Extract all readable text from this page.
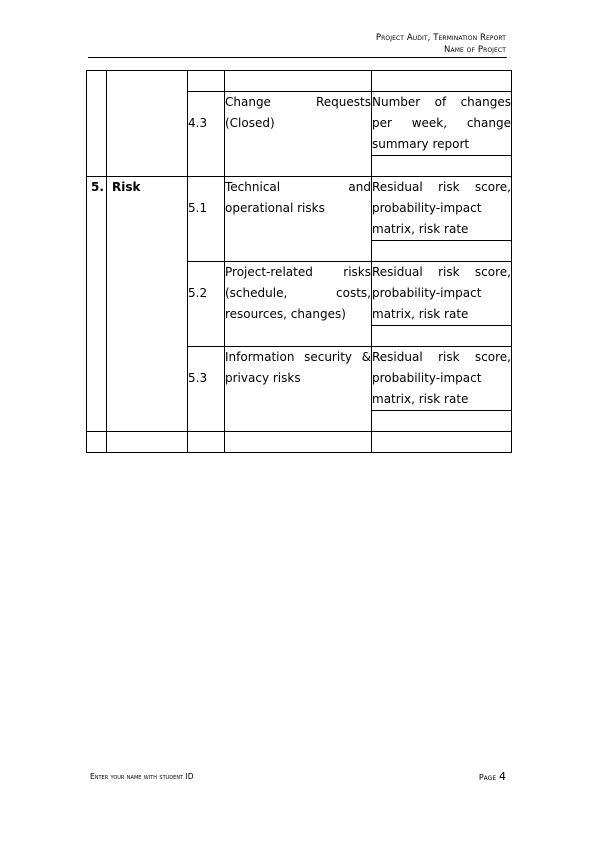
Project Audit, Termination Report
Name of Project

		4.3	Change Requests (Closed)	Number of changes per week, change summary report

5.	Risk	5.1	Technical and operational risks	Residual risk score, probability-impact matrix, risk rate

		5.2	Project-related risks (schedule, costs, resources, changes)	Residual risk score, probability-impact matrix, risk rate

		5.3	Information security & privacy risks	Residual risk score, probability-impact matrix, risk rate

Enter your name with student ID	Page 4
